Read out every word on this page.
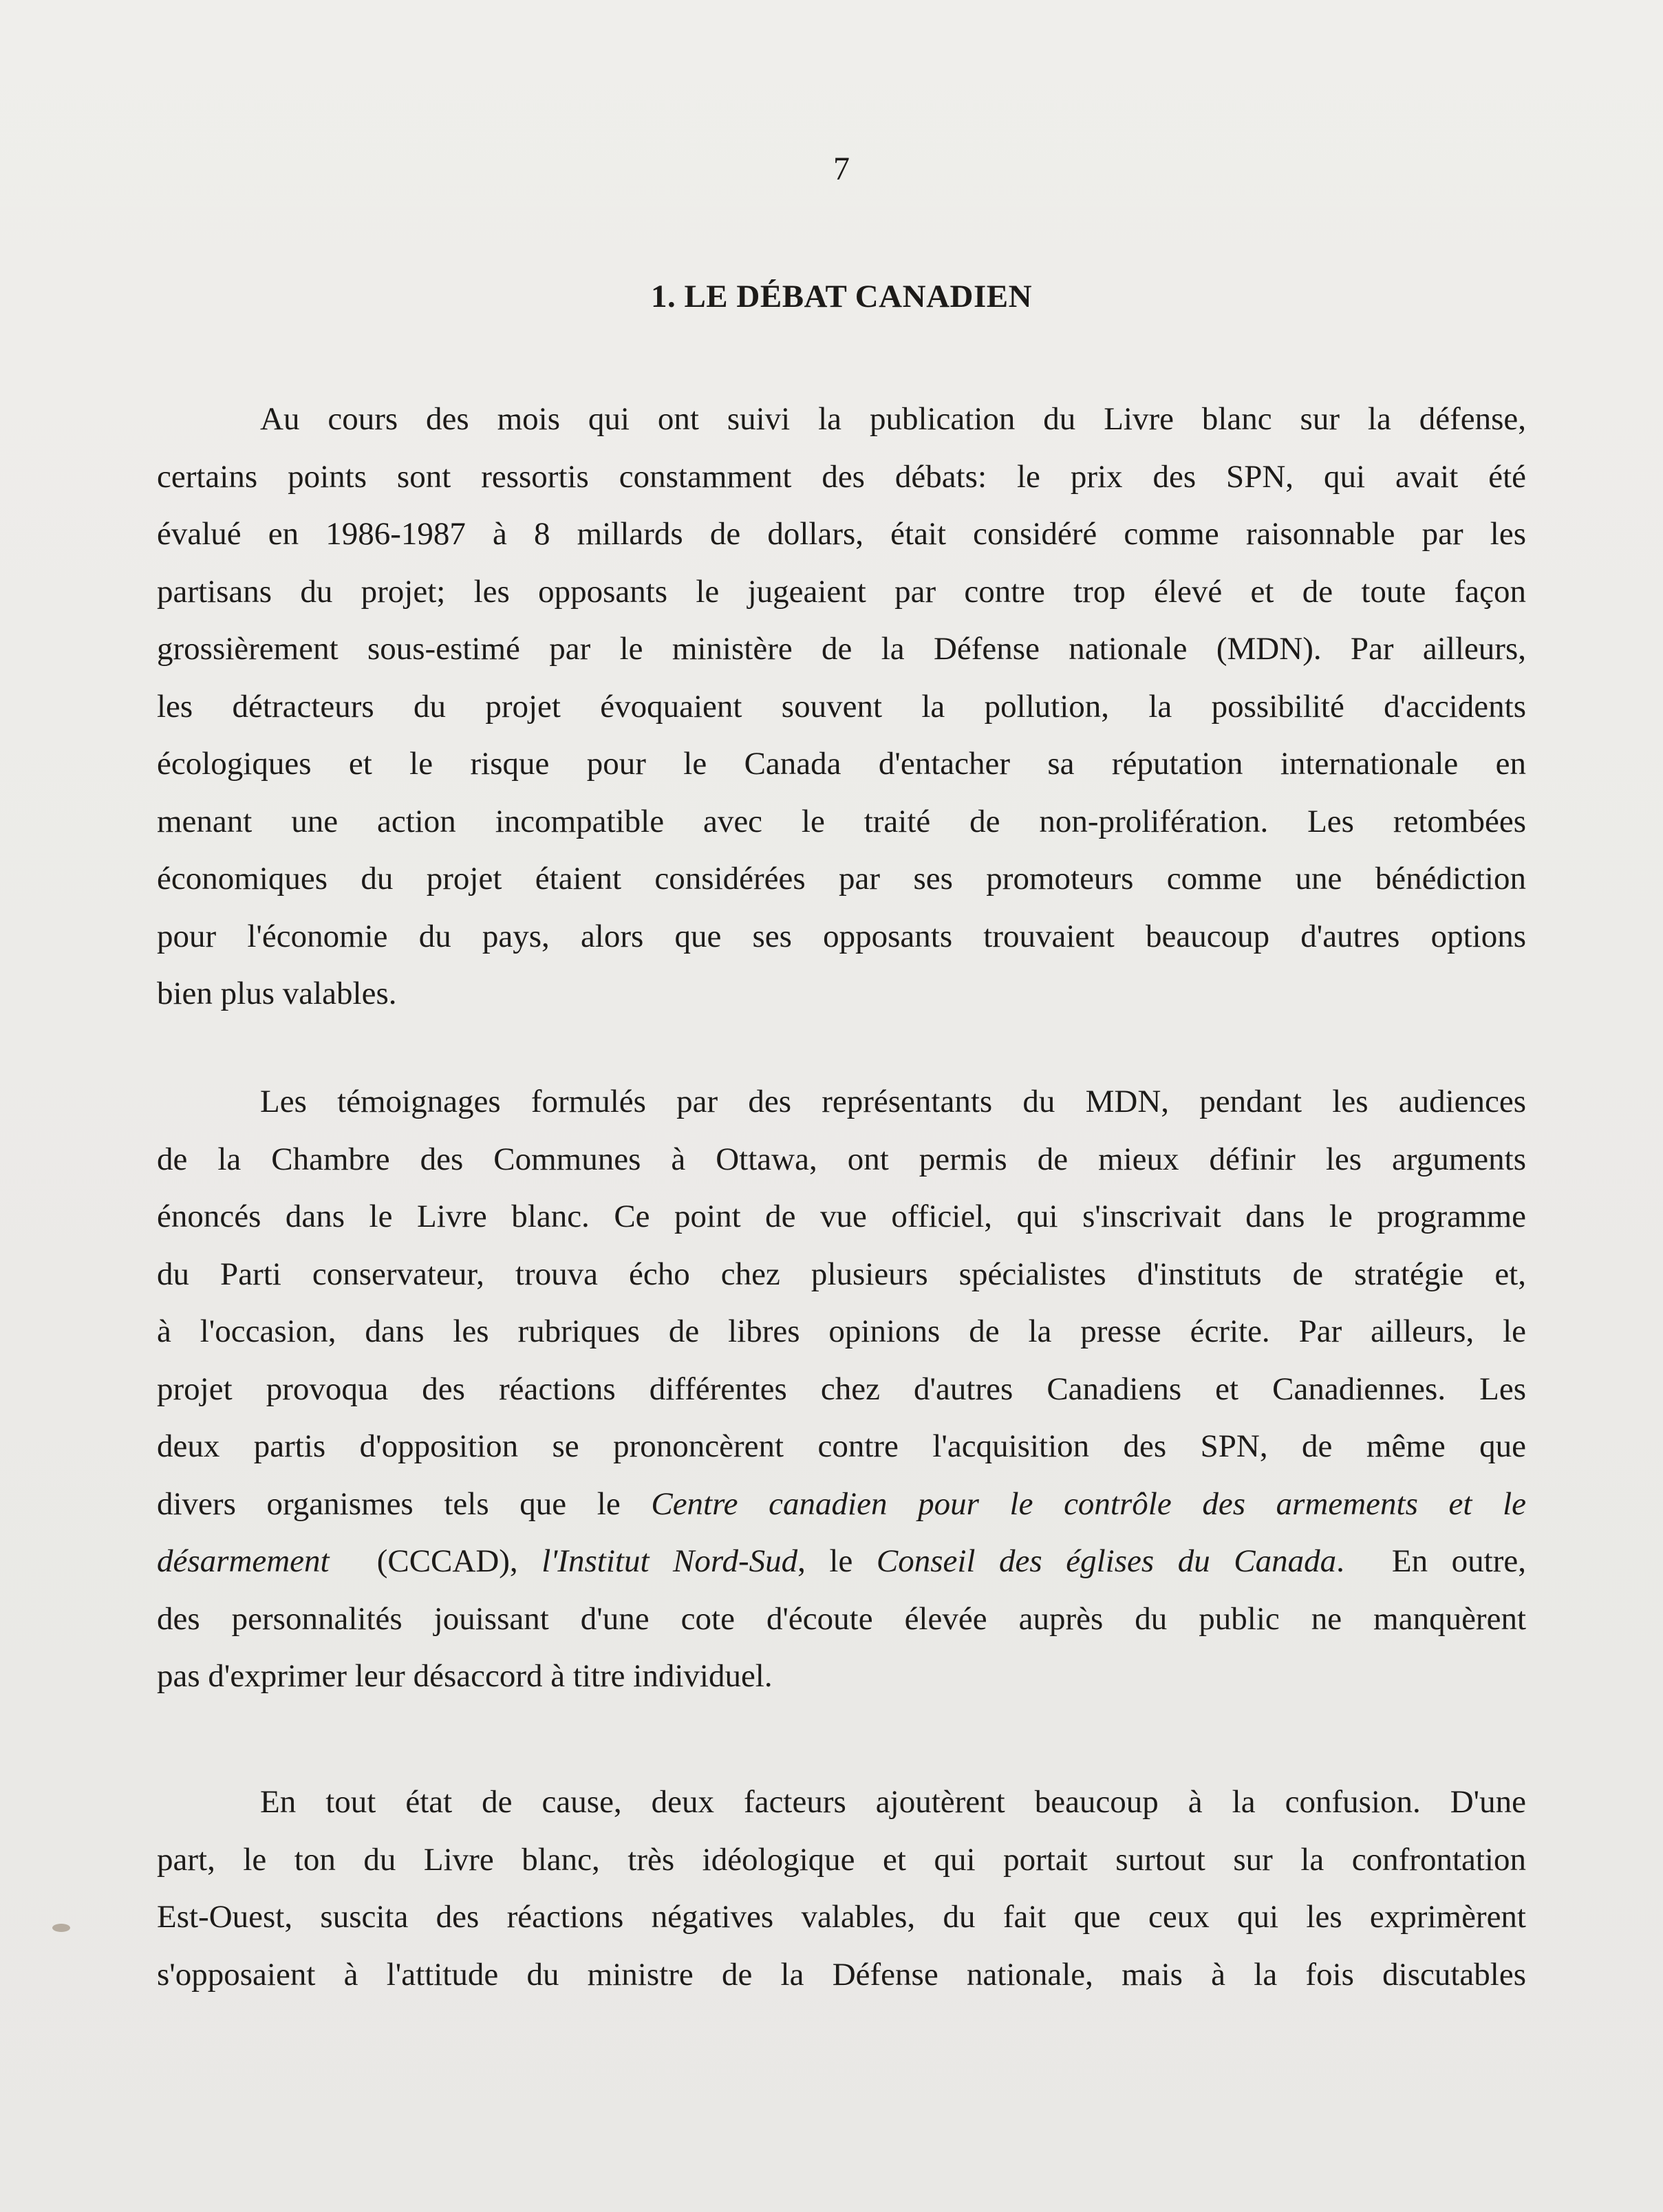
7
1. LE DÉBAT CANADIEN
Au cours des mois qui ont suivi la publication du Livre blanc sur la défense,
certains points sont ressortis constamment des débats: le prix des SPN, qui avait été
évalué en 1986-1987 à 8 millards de dollars, était considéré comme raisonnable par les
partisans du projet; les opposants le jugeaient par contre trop élevé et de toute façon
grossièrement sous-estimé par le ministère de la Défense nationale (MDN). Par ailleurs,
les détracteurs du projet évoquaient souvent la pollution, la possibilité d'accidents
écologiques et le risque pour le Canada d'entacher sa réputation internationale en
menant une action incompatible avec le traité de non-prolifération. Les retombées
économiques du projet étaient considérées par ses promoteurs comme une bénédiction
pour l'économie du pays, alors que ses opposants trouvaient beaucoup d'autres options
bien plus valables.
Les témoignages formulés par des représentants du MDN, pendant les audiences
de la Chambre des Communes à Ottawa, ont permis de mieux définir les arguments
énoncés dans le Livre blanc. Ce point de vue officiel, qui s'inscrivait dans le programme
du Parti conservateur, trouva écho chez plusieurs spécialistes d'instituts de stratégie et,
à l'occasion, dans les rubriques de libres opinions de la presse écrite. Par ailleurs, le
projet provoqua des réactions différentes chez d'autres Canadiens et Canadiennes. Les
deux partis d'opposition se prononcèrent contre l'acquisition des SPN, de même que
divers organismes tels que le Centre canadien pour le contrôle des armements et le
désarmement  (CCCAD), l'Institut Nord-Sud, le Conseil des églises du Canada.  En outre,
des personnalités jouissant d'une cote d'écoute élevée auprès du public ne manquèrent
pas d'exprimer leur désaccord à titre individuel.
En tout état de cause, deux facteurs ajoutèrent beaucoup à la confusion. D'une
part, le ton du Livre blanc, très idéologique et qui portait surtout sur la confrontation
Est-Ouest, suscita des réactions négatives valables, du fait que ceux qui les exprimèrent
s'opposaient à l'attitude du ministre de la Défense nationale, mais à la fois discutables
